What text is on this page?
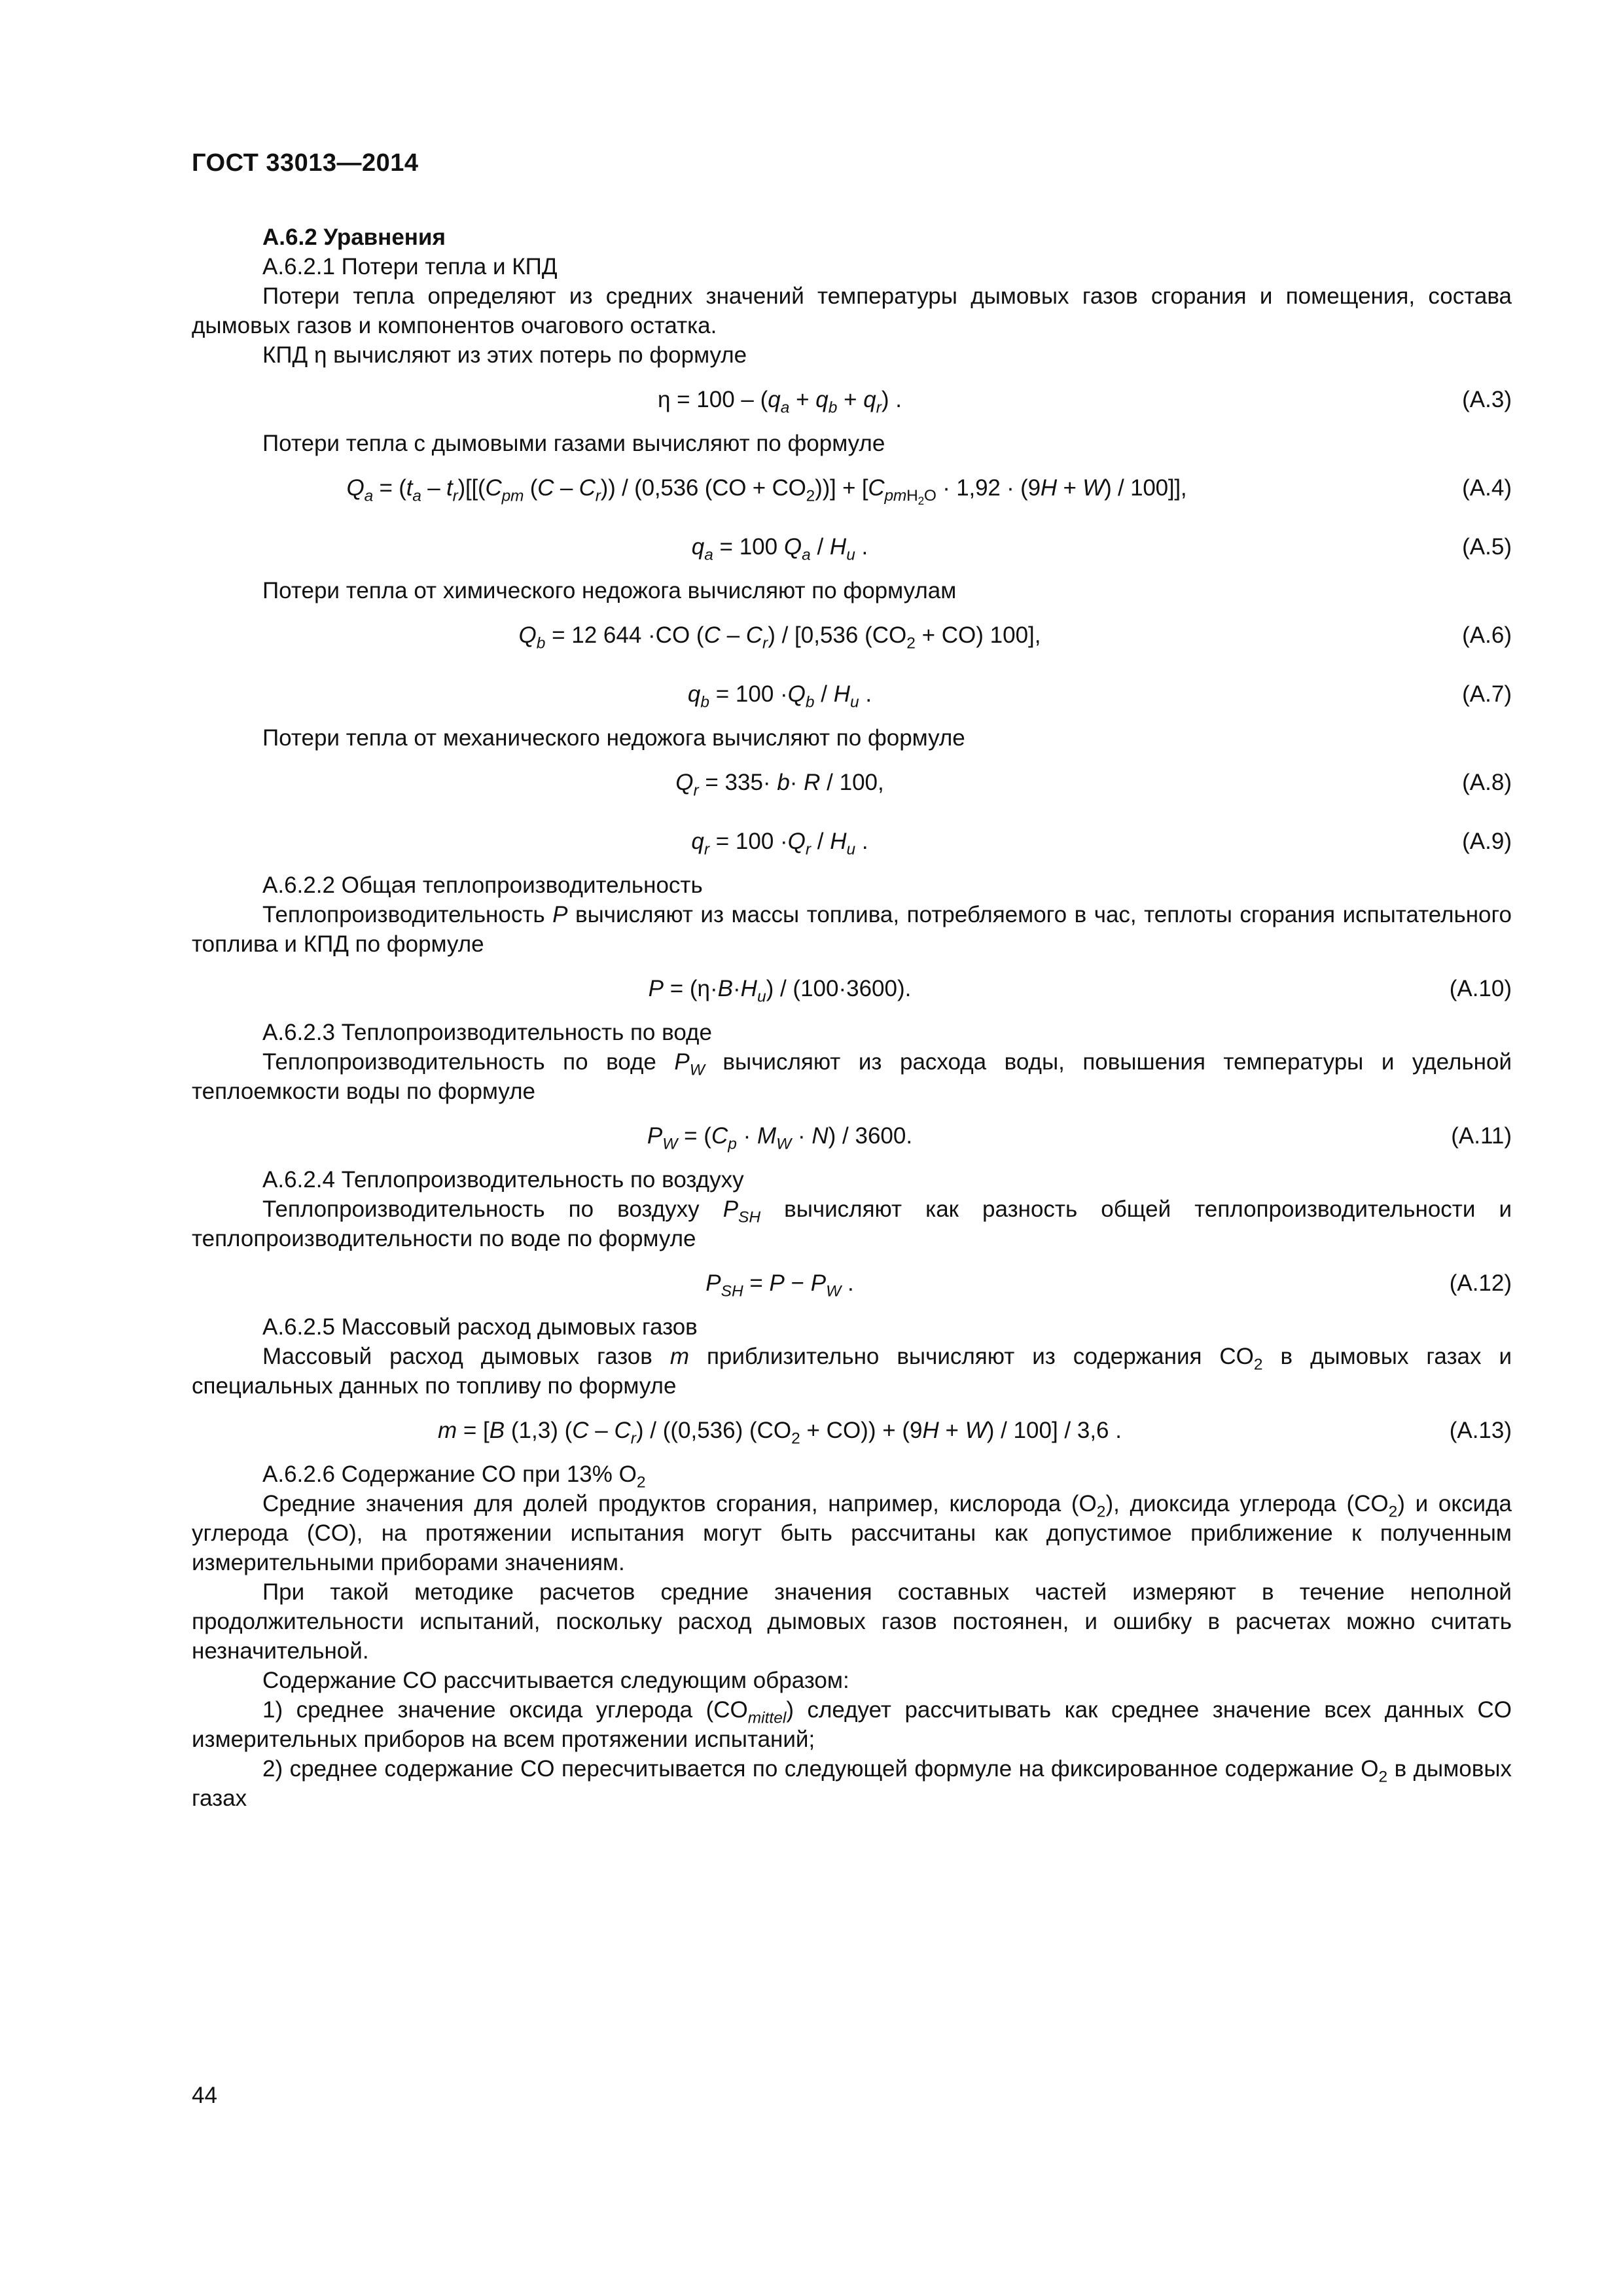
ГОСТ 33013—2014

А.6.2 Уравнения

А.6.2.1 Потери тепла и КПД

Потери тепла определяют из средних значений температуры дымовых газов сгорания и помещения, состава дымовых газов и компонентов очагового остатка.

КПД η вычисляют из этих потерь по формуле

$\eta = 100 - (q_a + q_b + q_r)$ .	(А.3)

Потери тепла с дымовыми газами вычисляют по формуле

$Q_a = (t_a - t_r)[[(C_{pm}$ $(C - C_r)) / (0,536$ $(CO + CO_2))] + [C_{pmH_2O} \cdot 1,92 \cdot (9H + W) / 100]$],	(А.4)
$q_a = 100$ $Q_a / H_u$ .	(А.5)

Потери тепла от химического недожога вычисляют по формулам

$Q_b = 12$ 644 ·CO $(C - C_r) / [0,536$ $(CO_2 + CO)$ 100],	(А.6)
$q_b = 100 \cdot Q_b / H_u$ .	(А.7)

Потери тепла от механического недожога вычисляют по формуле

$Q_r = 335\cdot b\cdot R / 100$,	(А.8)
$q_r = 100 \cdot Q_r / H_u$ .	(А.9)

А.6.2.2 Общая теплопроизводительность

Теплопроизводительность P вычисляют из массы топлива, потребляемого в час, теплоты сгорания испытательного топлива и КПД по формуле

$P = (\eta\cdot B\cdot H_u) / (100\cdot 3600)$.	(А.10)

А.6.2.3 Теплопроизводительность по воде

Теплопроизводительность по воде $P_W$ вычисляют из расхода воды, повышения температуры и удельной теплоемкости воды по формуле

$P_W = (C_p \cdot M_W \cdot N) / 3600$.	(А.11)

А.6.2.4 Теплопроизводительность по воздуху

Теплопроизводительность по воздуху $P_{SH}$ вычисляют как разность общей теплопроизводительности и теплопроизводительности по воде по формуле

$P_{SH} = P - P_W$ .	(А.12)

А.6.2.5 Массовый расход дымовых газов

Массовый расход дымовых газов m приблизительно вычисляют из содержания $CO_2$ в дымовых газах и специальных данных по топливу по формуле

m = [B (1,3) $(C - C_r) / ((0,536) (CO_2 + CO)) + (9H + W) / 100] / 3,6$ .	(А.13)

А.6.2.6 Содержание CO при 13% $O_2$

Средние значения для долей продуктов сгорания, например, кислорода $(O_2)$, диоксида углерода $(CO_2)$ и оксида углерода (CO), на протяжении испытания могут быть рассчитаны как допустимое приближение к полученным измерительными приборами значениям.

При такой методике расчетов средние значения составных частей измеряют в течение неполной продолжительности испытаний, поскольку расход дымовых газов постоянен, и ошибку в расчетах можно считать незначительной.

Содержание CO рассчитывается следующим образом:

1) среднее значение оксида углерода $(CO_{mittel})$ следует рассчитывать как среднее значение всех данных CO измерительных приборов на всем протяжении испытаний;

2) среднее содержание CO пересчитывается по следующей формуле на фиксированное содержание $O_2$ в дымовых газах

44
